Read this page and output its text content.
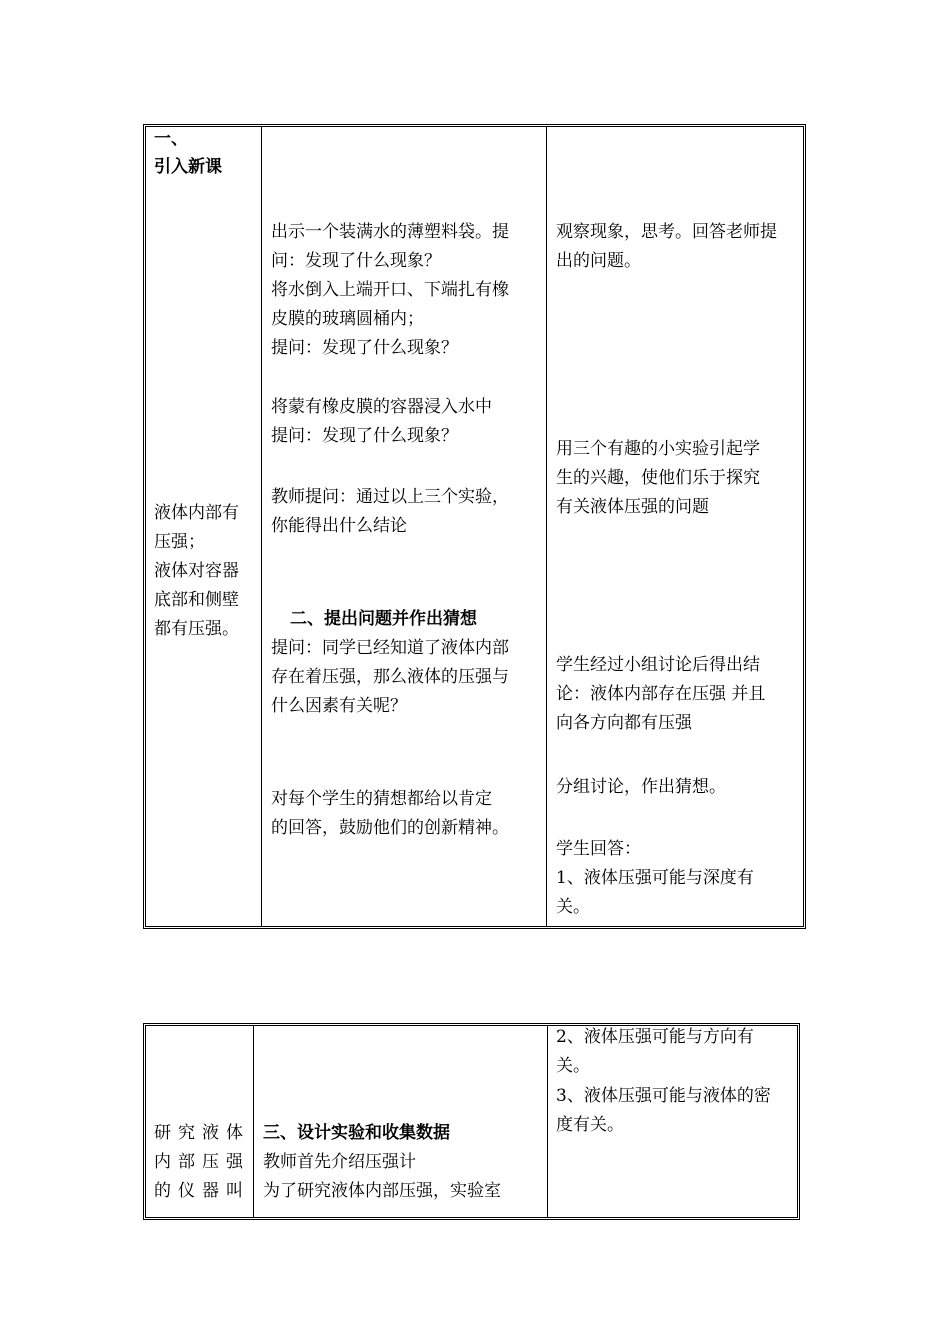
一、
引入新课
液体内部有
压强；
液体对容器
底部和侧壁
都有压强。
出示一个装满水的薄塑料袋。提
问：发现了什么现象？
将水倒入上端开口、下端扎有橡
皮膜的玻璃圆桶内；
提问：发现了什么现象？
将蒙有橡皮膜的容器浸入水中
提问：发现了什么现象？
教师提问：通过以上三个实验，
你能得出什么结论
二、提出问题并作出猜想
提问：同学已经知道了液体内部
存在着压强，那么液体的压强与
什么因素有关呢？
对每个学生的猜想都给以肯定
的回答，鼓励他们的创新精神。
观察现象，思考。回答老师提
出的问题。
用三个有趣的小实验引起学
生的兴趣，使他们乐于探究
有关液体压强的问题
学生经过小组讨论后得出结
论：液体内部存在压强 并且
向各方向都有压强
分组讨论，作出猜想。
学生回答：
1、液体压强可能与深度有
关。
研究液体
内部压强
的仪器叫
三、设计实验和收集数据
教师首先介绍压强计
为了研究液体内部压强，实验室
2、液体压强可能与方向有
关。
3、液体压强可能与液体的密
度有关。
